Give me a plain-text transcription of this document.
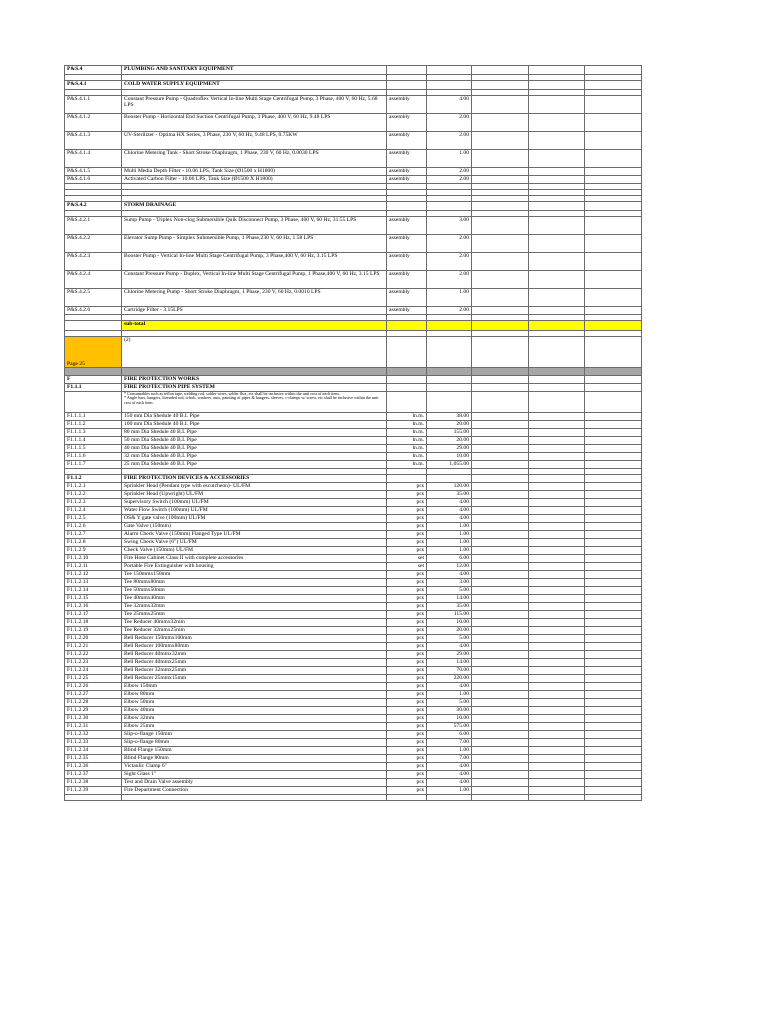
P&S.4	PLUMBING AND SANITARY EQUIPMENT					

P&S.4.1	COLD WATER SUPPLY EQUIPMENT					

P&S.4.1.1	Constant Pressure Pump - Quadroflex Vertical In-line Multi Stage Centrifugal Pump, 3 Phase, 400 V, 60 Hz, 5.68 LPS	assembly	4.00			
P&S.4.1.2	Booster Pump - Horizontal End Suction Centrifugal Pump, 3 Phase, 400 V, 60 Hz, 9.48 LPS	assembly	2.00			
P&S.4.1.3	UV-Sterilizer - Optima HX Series, 3 Phase, 230 V, 60 Hz, 9.48 LPS, 0.75KW	assembly	2.00			
P&S.4.1.4	Chlorine Metering Tank - Short Stroke Diaphragm, 1 Phase, 230 V, 60 Hz, 0.0030 LPS	assembly	1.00			
P&S.4.1.5	Multi Media Depth Filter - 10.06 LPS, Tank Size (Ø1500 x H1800)	assembly	2.00			
P&S.4.1.6	Activated Carbon Filter - 10.06 LPS, Tank Size (Ø1500 X H1800)	assembly	2.00			

P&S.4.2	STORM DRAINAGE					

P&S.4.2.1	Sump Pump - Triplex Non-clog Submersible Quik Disconnect Pump, 3 Phase, 400 V, 60 Hz, 31.55 LPS	assembly	3.00			
P&S.4.2.2	Elevator Sump Pump - Simplex Submersible Pump, 1 Phase,230 V, 60 Hz, 1.58 LPS	assembly	2.00			
P&S.4.2.3	Booster Pump - Vertical In-line Multi Stage Centrifugal Pump, 3 Phase,400 V, 60 Hz, 3.15 LPS	assembly	2.00			
P&S.4.2.4	Constant Pressure Pump - Duplex, Vertical In-line Multi Stage Centrifugal Pump, 1 Phase,400 V, 60 Hz, 3.15 LPS	assembly	2.00			
P&S.4.2.5	Chlorine Metering Pump - Short Stroke Diaphragm, 1 Phase, 230 V, 60 Hz, 0.0010 LPS	assembly	1.00			
P&S.4.2.6	Cartridge Filter - 3.15LPS	assembly	2.00			

	sub-total					

Page 25	(2)					

F	FIRE PROTECTION WORKS					
F1.1.1	FIRE PROTECTION PIPE SYSTEM					

	* Consumables such as teflon tape, welding rod, solder wires, solder flux, etc shall be inclusive within the unit cost of each item.
* Angle bars, hangers, threaded rod, u-bolt, washers, nuts, painting of pipes & hangers, sleeves, c-clamps w/ screw, etc shall be inclusive within the unit cost of each item.					

F1.1.1.1	150 mm Dia Shedule 40 B.I. Pipe	ln.m.	38.00			
F1.1.1.2	100 mm Dia Shedule 40 B.I. Pipe	ln.m.	20.00			
F1.1.1.3	80 mm Dia Shedule 40 B.I. Pipe	ln.m.	155.00			
F1.1.1.4	50 mm Dia Shedule 40 B.I. Pipe	ln.m.	20.00			
F1.1.1.5	40 mm Dia Shedule 40 B.I. Pipe	ln.m.	29.00			
F1.1.1.6	32 mm Dia Shedule 40 B.I. Pipe	ln.m.	10.00			
F1.1.1.7	25 mm Dia Shedule 40 B.I. Pipe	ln.m.	1,055.00			

F1.1.2	FIRE PROTECTION DEVICES & ACCESSORIES					
F1.1.2.1	Sprinkler Head (Pendant type with escutcheon)- UL/FM	pcs	120.00			
F1.1.2.2	Sprinkler Head (Upwright) UL/FM	pcs	35.00			
F1.1.2.3	Supervisory Switch (100mm) UL/FM	pcs	4.00			
F1.1.2.4	Water Flow Switch (100mm) UL/FM	pcs	4.00			
F1.1.2.5	OS& Y gate valve (100mm) UL/FM	pcs	4.00			
F1.1.2.6	Gate Valve (150mm)	pcs	1.00			
F1.1.2.7	Alarm Check Valve (150mm) Flanged Type UL/FM	pcs	1.00			
F1.1.2.8	Swing Check Valve (6") UL/FM	pcs	1.00			
F1.1.2.9	Check Valve (150mm) UL/FM	pcs	1.00			
F1.1.2.10	Fire Hose Cabinet Class II with complete accessories	set	6.00			
F1.1.2.11	Portable Fire Extinguisher with housing	set	12.00			
F1.1.2.12	Tee 150mmx150mm	pcs	4.00			
F1.1.2.13	Tee 80mmx80mm	pcs	3.00			
F1.1.2.14	Tee 50mmx50mm	pcs	5.00			
F1.1.2.15	Tee 40mmx40mm	pcs	14.00			
F1.1.2.16	Tee 32mmx32mm	pcs	35.00			
F1.1.2.17	Tee 25mmx25mm	pcs	115.00			
F1.1.2.18	Tee Reducer 40mmx32mm	pcs	10.00			
F1.1.2.19	Tee Reducer 32mmx25mm	pcs	20.00			
F1.1.2.20	Bell Reducer 150mmx100mm	pcs	5.00			
F1.1.2.21	Bell Reducer 100mmx80mm	pcs	4.00			
F1.1.2.22	Bell Reducer 40mmx32mm	pcs	29.00			
F1.1.2.23	Bell Reducer 40mmx25mm	pcs	14.00			
F1.1.2.24	Bell Reducer 32mmx25mm	pcs	70.00			
F1.1.2.25	Bell Reducer 25mmx15mm	pcs	220.00			
F1.1.2.26	Elbow 150mm	pcs	4.00			
F1.1.2.27	Elbow 80mm	pcs	1.00			
F1.1.2.28	Elbow 50mm	pcs	5.00			
F1.1.2.29	Elbow 40mm	pcs	30.00			
F1.1.2.30	Elbow 32mm	pcs	10.00			
F1.1.2.31	Elbow 25mm	pcs	575.00			
F1.1.2.32	Slip-o-flange 150mm	pcs	6.00			
F1.1.2.33	Slip-o-flange 80mm	pcs	7.00			
F1.1.2.34	Blind Flange 150mm	pcs	1.00			
F1.1.2.35	Blind Flange 80mm	pcs	7.00			
F1.1.2.36	Victaulic Clamp 6"	pcs	4.00			
F1.1.2.37	Sight Glass 1"	pcs	4.00			
F1.1.2.38	Test and Drain Valve assembly	pcs	4.00			
F1.1.2.39	Fire Department Connection	pcs	1.00			
